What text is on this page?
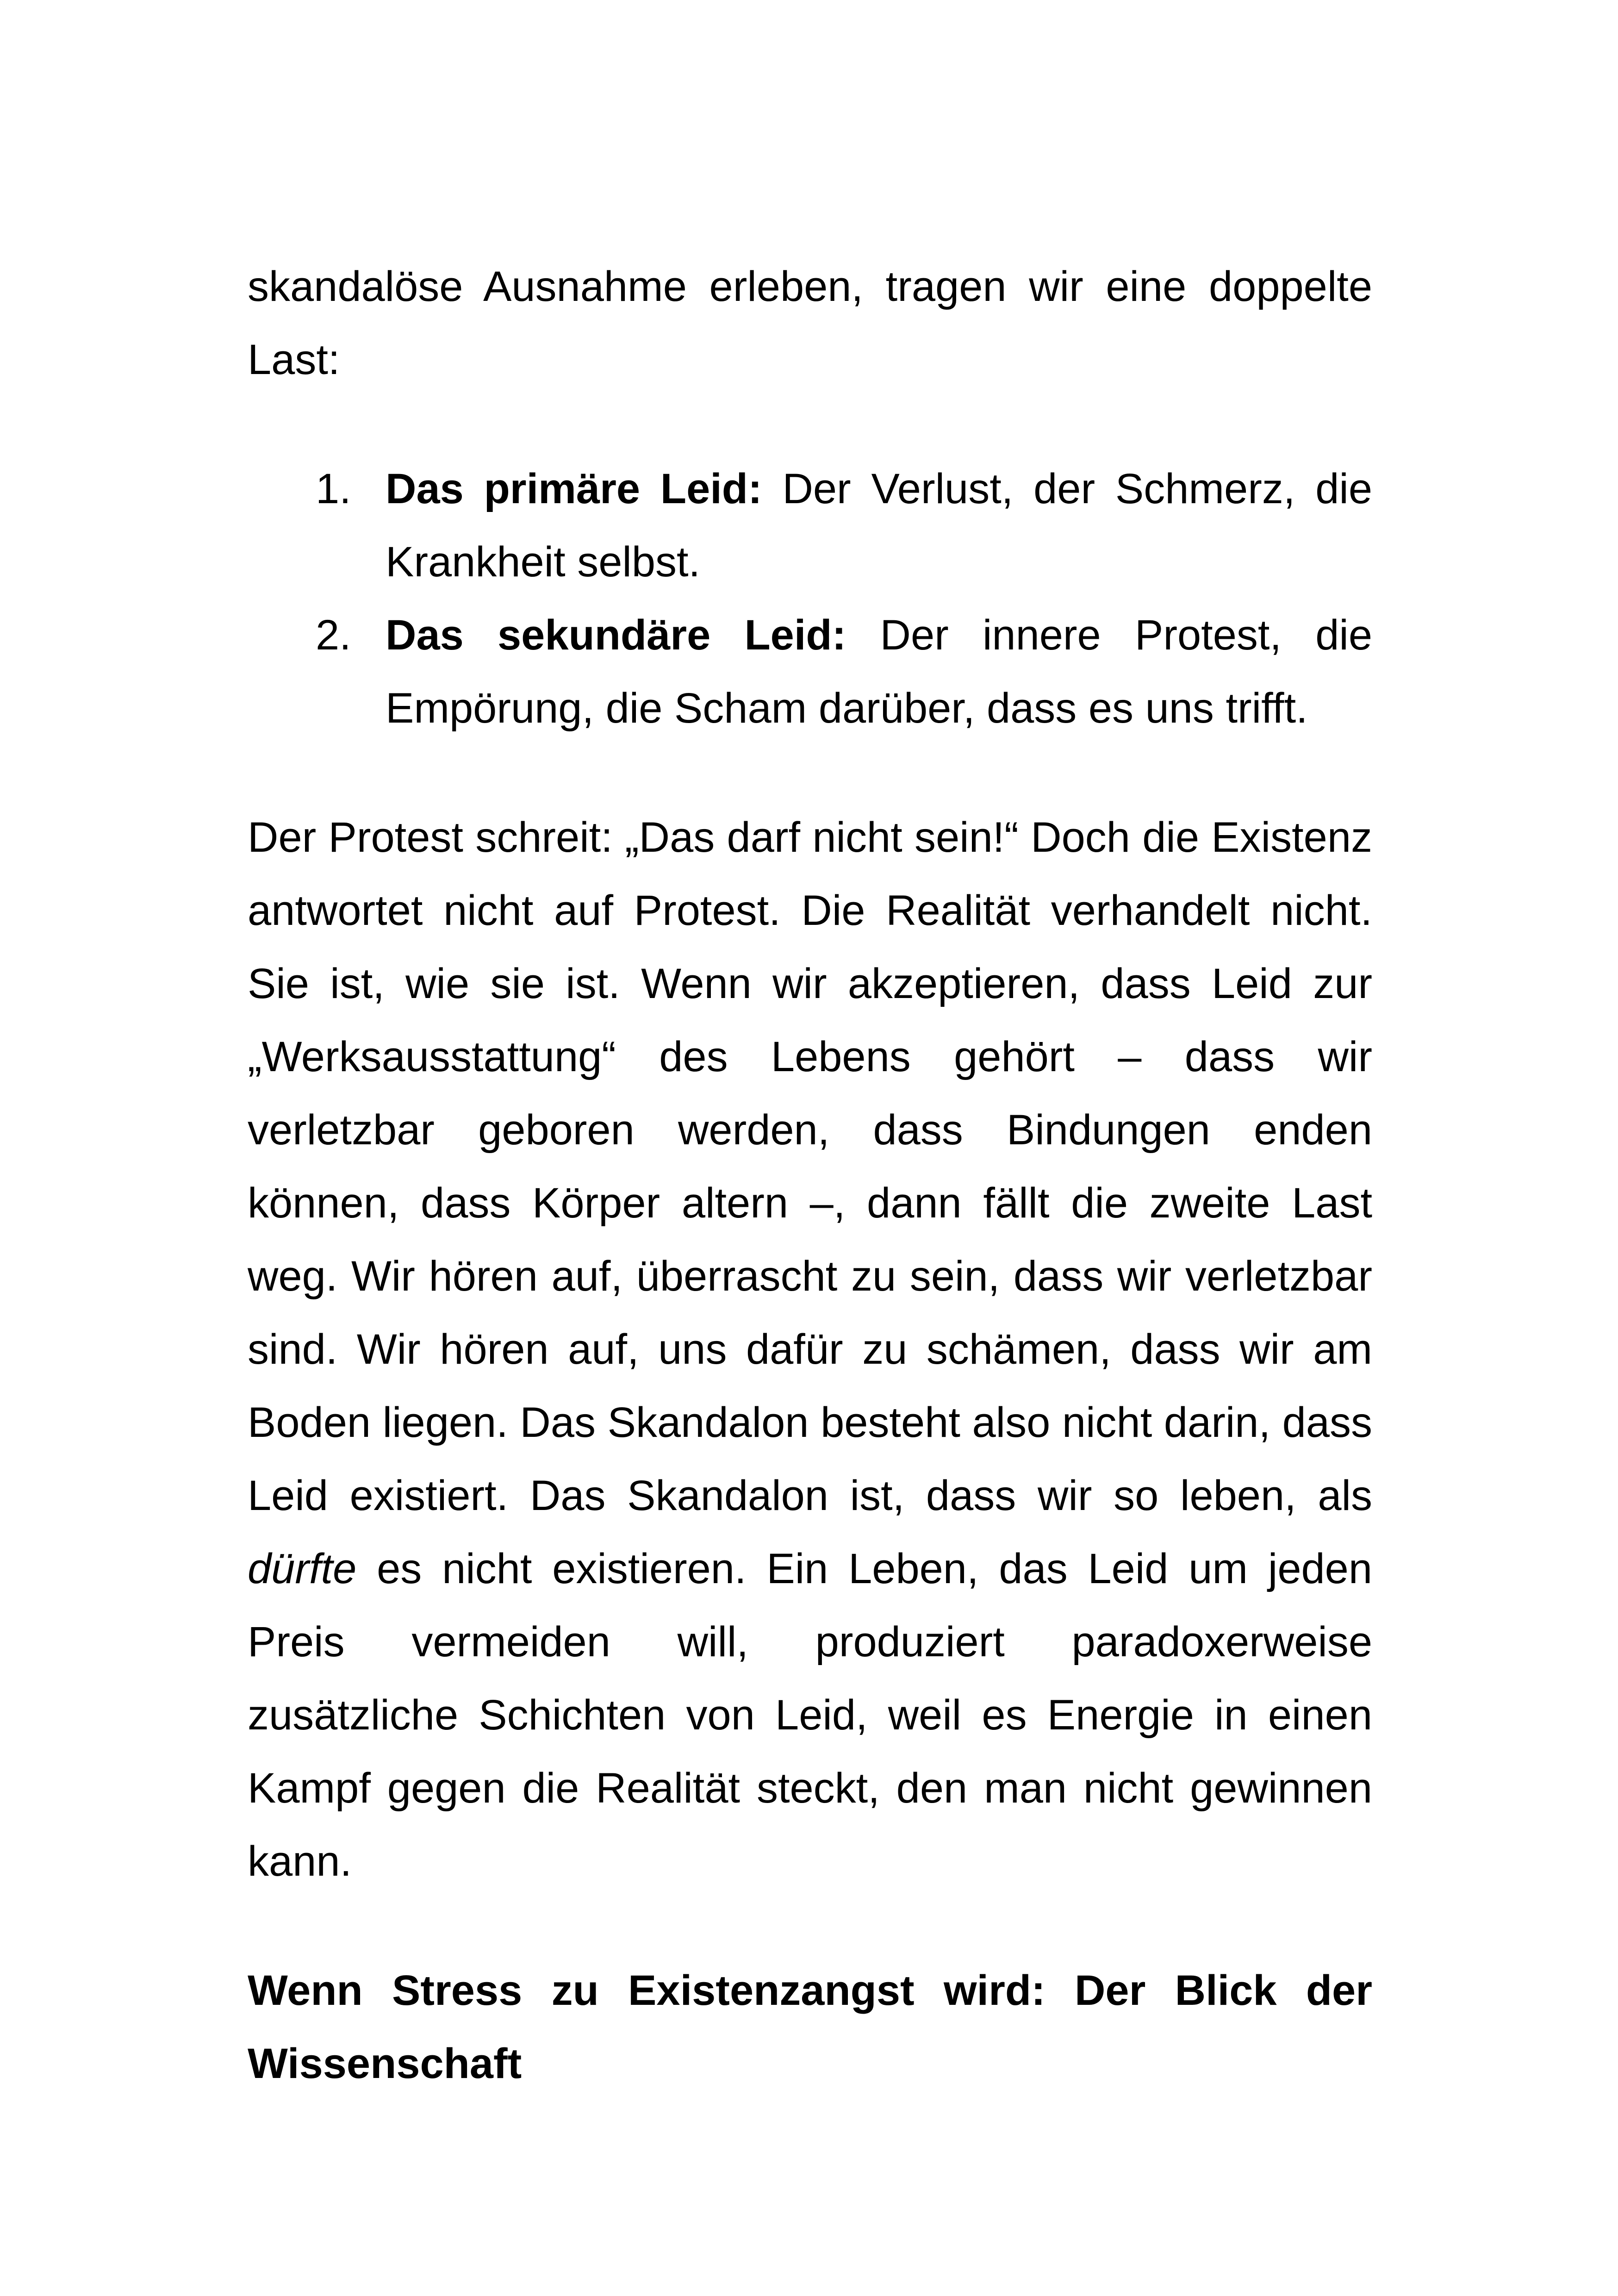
skandalöse Ausnahme erleben, tragen wir eine doppelte Last:

1. Das primäre Leid: Der Verlust, der Schmerz, die Krankheit selbst.
2. Das sekundäre Leid: Der innere Protest, die Empörung, die Scham darüber, dass es uns trifft.

Der Protest schreit: „Das darf nicht sein!“ Doch die Existenz antwortet nicht auf Protest. Die Realität verhandelt nicht. Sie ist, wie sie ist. Wenn wir akzeptieren, dass Leid zur „Werksausstattung“ des Lebens gehört – dass wir verletzbar geboren werden, dass Bindungen enden können, dass Körper altern –, dann fällt die zweite Last weg. Wir hören auf, überrascht zu sein, dass wir verletzbar sind. Wir hören auf, uns dafür zu schämen, dass wir am Boden liegen. Das Skandalon besteht also nicht darin, dass Leid existiert. Das Skandalon ist, dass wir so leben, als dürfte es nicht existieren. Ein Leben, das Leid um jeden Preis vermeiden will, produziert paradoxerweise zusätzliche Schichten von Leid, weil es Energie in einen Kampf gegen die Realität steckt, den man nicht gewinnen kann.

Wenn Stress zu Existenzangst wird: Der Blick der Wissenschaft
